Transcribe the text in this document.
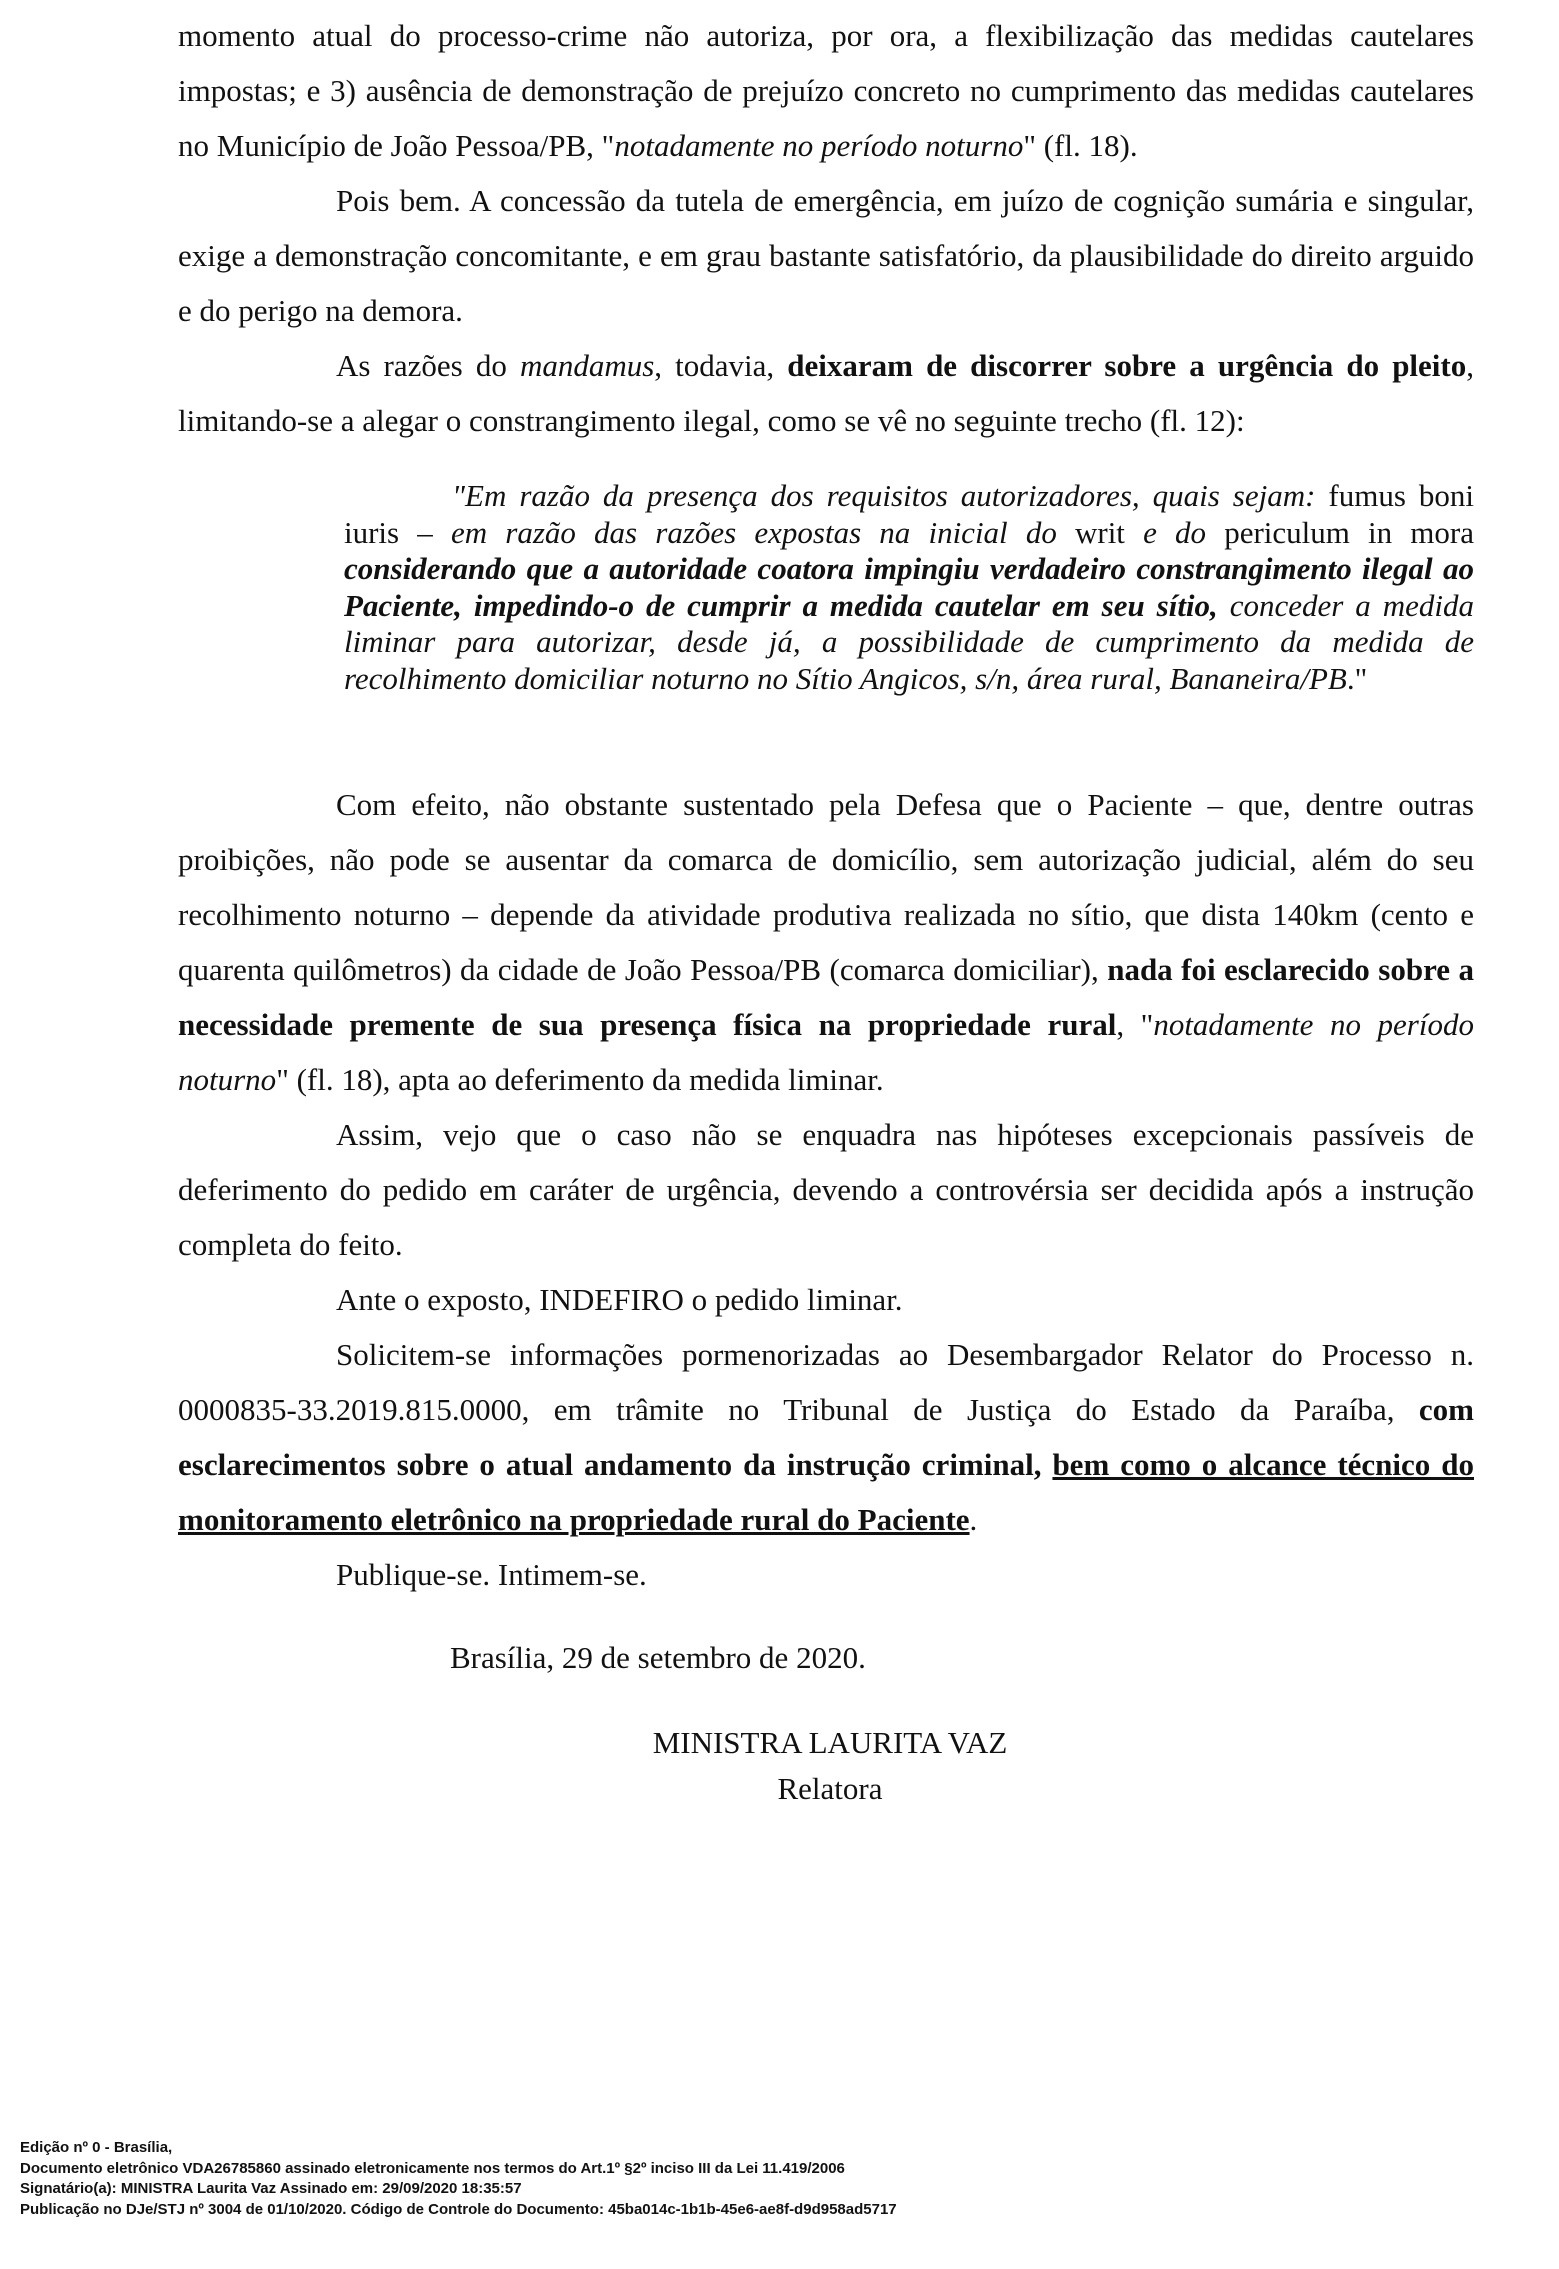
momento atual do processo-crime não autoriza, por ora, a flexibilização das medidas cautelares impostas; e 3) ausência de demonstração de prejuízo concreto no cumprimento das medidas cautelares no Município de João Pessoa/PB, "notadamente no período noturno" (fl. 18).

Pois bem. A concessão da tutela de emergência, em juízo de cognição sumária e singular, exige a demonstração concomitante, e em grau bastante satisfatório, da plausibilidade do direito arguido e do perigo na demora.

As razões do mandamus, todavia, deixaram de discorrer sobre a urgência do pleito, limitando-se a alegar o constrangimento ilegal, como se vê no seguinte trecho (fl. 12):

"Em razão da presença dos requisitos autorizadores, quais sejam: fumus boni iuris – em razão das razões expostas na inicial do writ e do periculum in mora considerando que a autoridade coatora impingiu verdadeiro constrangimento ilegal ao Paciente, impedindo-o de cumprir a medida cautelar em seu sítio, conceder a medida liminar para autorizar, desde já, a possibilidade de cumprimento da medida de recolhimento domiciliar noturno no Sítio Angicos, s/n, área rural, Bananeira/PB."

Com efeito, não obstante sustentado pela Defesa que o Paciente – que, dentre outras proibições, não pode se ausentar da comarca de domicílio, sem autorização judicial, além do seu recolhimento noturno – depende da atividade produtiva realizada no sítio, que dista 140km (cento e quarenta quilômetros) da cidade de João Pessoa/PB (comarca domiciliar), nada foi esclarecido sobre a necessidade premente de sua presença física na propriedade rural, "notadamente no período noturno" (fl. 18), apta ao deferimento da medida liminar.

Assim, vejo que o caso não se enquadra nas hipóteses excepcionais passíveis de deferimento do pedido em caráter de urgência, devendo a controvérsia ser decidida após a instrução completa do feito.

Ante o exposto, INDEFIRO o pedido liminar.

Solicitem-se informações pormenorizadas ao Desembargador Relator do Processo n. 0000835-33.2019.815.0000, em trâmite no Tribunal de Justiça do Estado da Paraíba, com esclarecimentos sobre o atual andamento da instrução criminal, bem como o alcance técnico do monitoramento eletrônico na propriedade rural do Paciente.

Publique-se. Intimem-se.

Brasília, 29 de setembro de 2020.
MINISTRA LAURITA VAZ
Relatora
Edição nº 0 - Brasília,
Documento eletrônico VDA26785860 assinado eletronicamente nos termos do Art.1º §2º inciso III da Lei 11.419/2006
Signatário(a): MINISTRA Laurita Vaz Assinado em: 29/09/2020 18:35:57
Publicação no DJe/STJ nº 3004 de 01/10/2020. Código de Controle do Documento: 45ba014c-1b1b-45e6-ae8f-d9d958ad5717
